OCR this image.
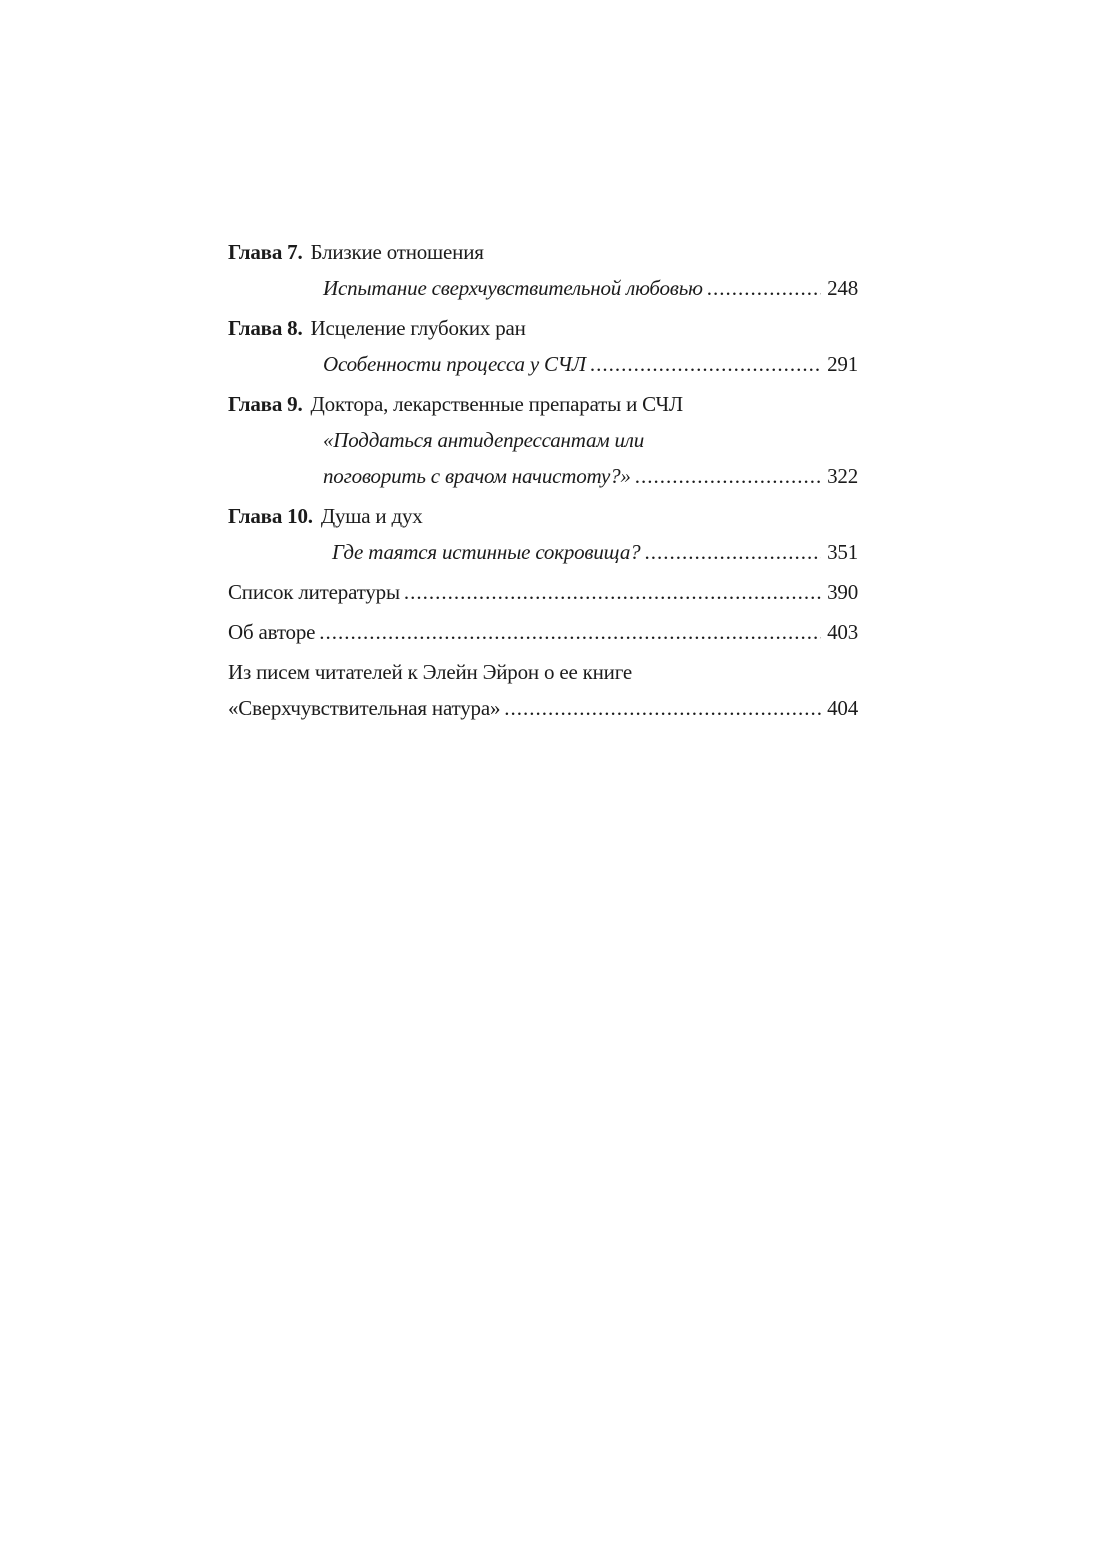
Глава 7. Близкие отношения
Испытание сверхчувствительной любовью .....	248
Глава 8. Исцеление глубоких ран
Особенности процесса у СЧЛ .....	291
Глава 9. Доктора, лекарственные препараты и СЧЛ
«Поддаться антидепрессантам или
поговорить с врачом начистоту?» .....	322
Глава 10. Душа и дух
Где таятся истинные сокровища? .....	351
Список литературы .....	390
Об авторе .....	403
Из писем читателей к Элейн Эйрон о ее книге
«Сверхчувствительная натура» .....	404
